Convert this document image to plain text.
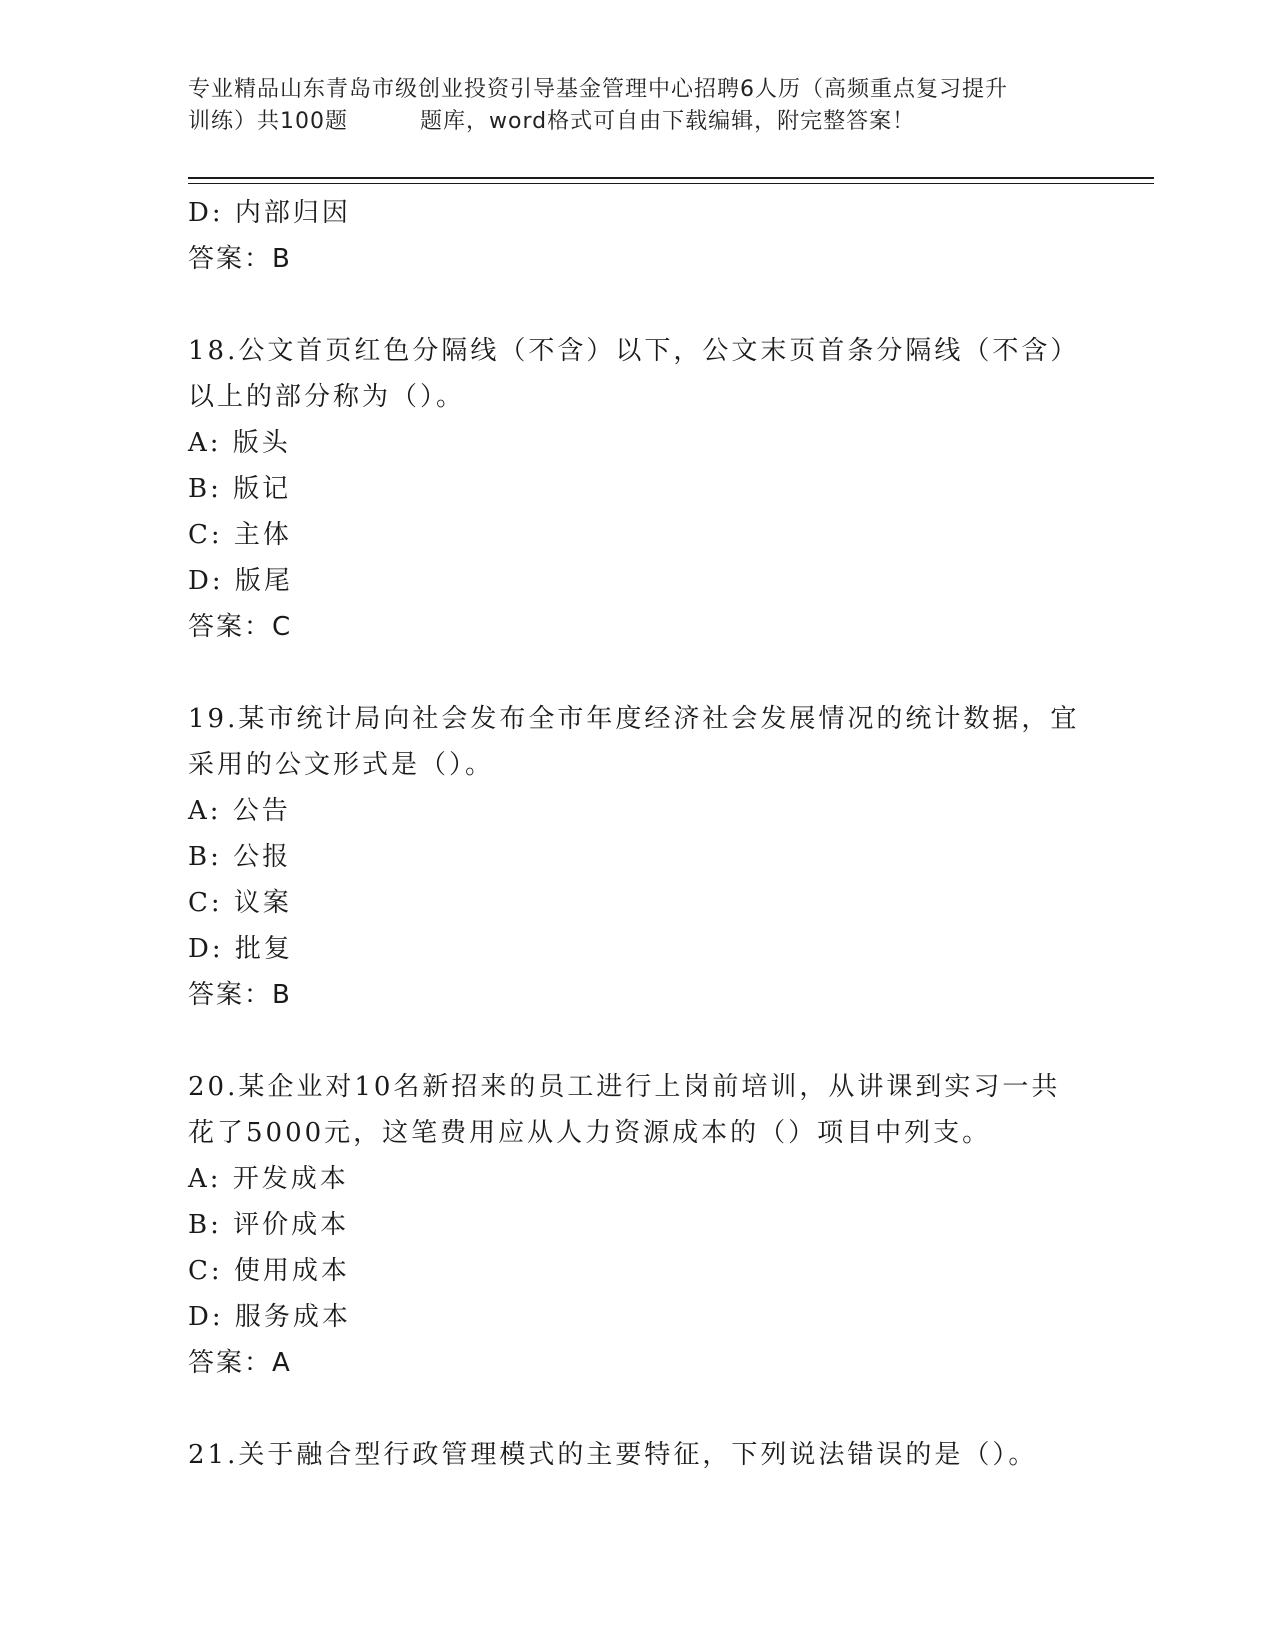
专业精品山东青岛市级创业投资引导基金管理中心招聘6人历（高频重点复习提升
训练）共100题	题库，word格式可自由下载编辑，附完整答案！
D: 内部归因
答案：B
18.公文首页红色分隔线（不含）以下，公文末页首条分隔线（不含）
以上的部分称为（）。
A: 版头
B: 版记
C: 主体
D: 版尾
答案：C
19.某市统计局向社会发布全市年度经济社会发展情况的统计数据，宜
采用的公文形式是（）。
A: 公告
B: 公报
C: 议案
D: 批复
答案：B
20.某企业对10名新招来的员工进行上岗前培训，从讲课到实习一共
花了5000元，这笔费用应从人力资源成本的（）项目中列支。
A: 开发成本
B: 评价成本
C: 使用成本
D: 服务成本
答案：A
21.关于融合型行政管理模式的主要特征，下列说法错误的是（）。
